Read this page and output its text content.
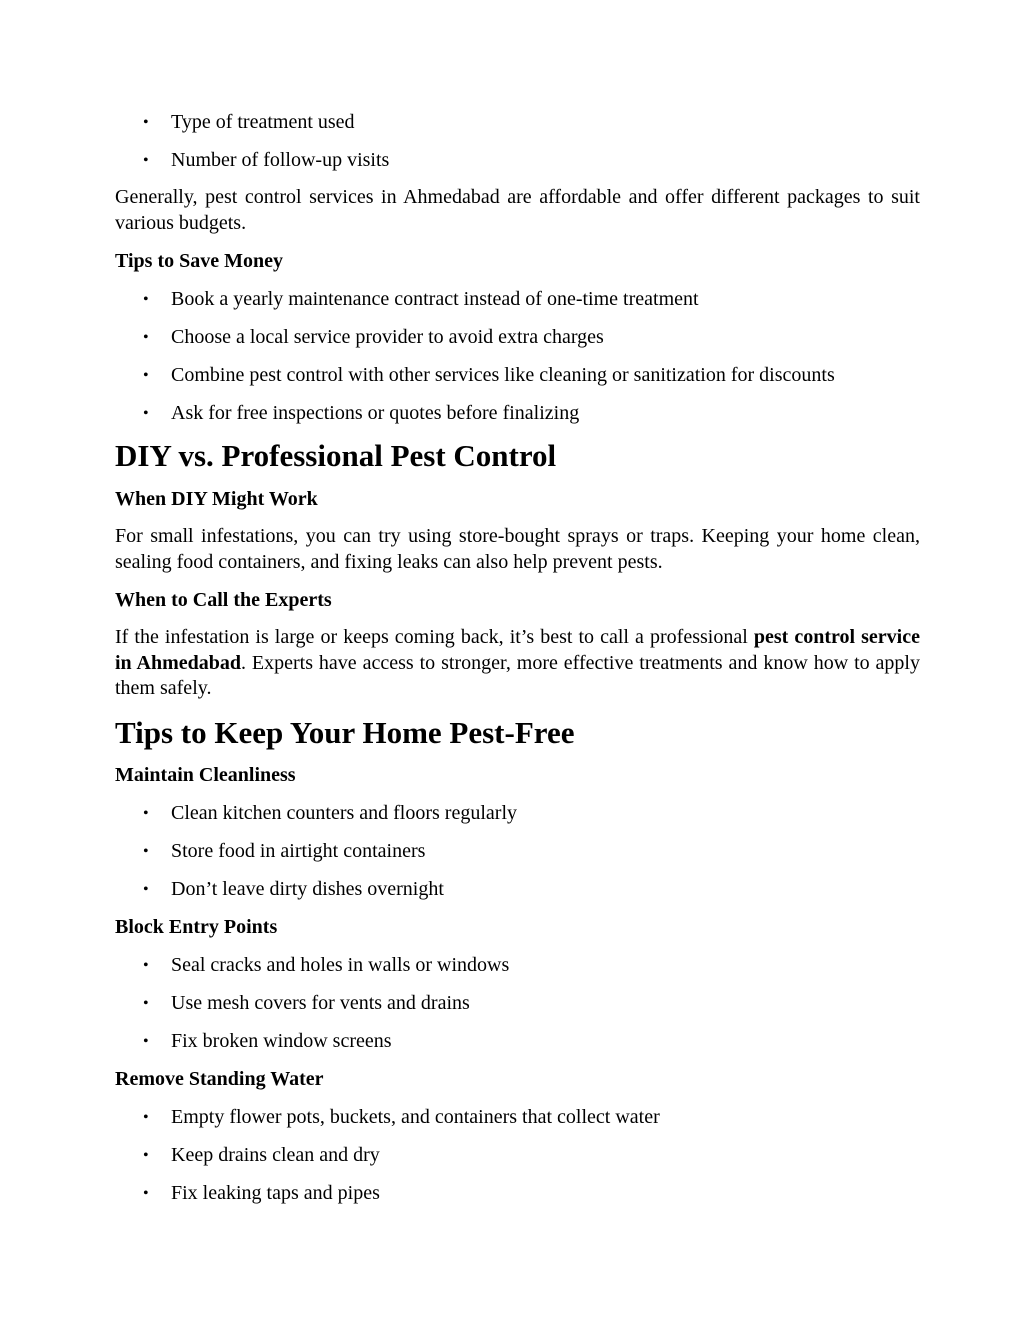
• Type of treatment used
• Number of follow-up visits

Generally, pest control services in Ahmedabad are affordable and offer different packages to suit various budgets.

Tips to Save Money
• Book a yearly maintenance contract instead of one-time treatment
• Choose a local service provider to avoid extra charges
• Combine pest control with other services like cleaning or sanitization for discounts
• Ask for free inspections or quotes before finalizing
DIY vs. Professional Pest Control
When DIY Might Work

For small infestations, you can try using store-bought sprays or traps. Keeping your home clean, sealing food containers, and fixing leaks can also help prevent pests.

When to Call the Experts

If the infestation is large or keeps coming back, it’s best to call a professional pest control service in Ahmedabad. Experts have access to stronger, more effective treatments and know how to apply them safely.

Tips to Keep Your Home Pest-Free
Maintain Cleanliness
• Clean kitchen counters and floors regularly
• Store food in airtight containers
• Don’t leave dirty dishes overnight
Block Entry Points
• Seal cracks and holes in walls or windows
• Use mesh covers for vents and drains
• Fix broken window screens
Remove Standing Water
• Empty flower pots, buckets, and containers that collect water
• Keep drains clean and dry
• Fix leaking taps and pipes
